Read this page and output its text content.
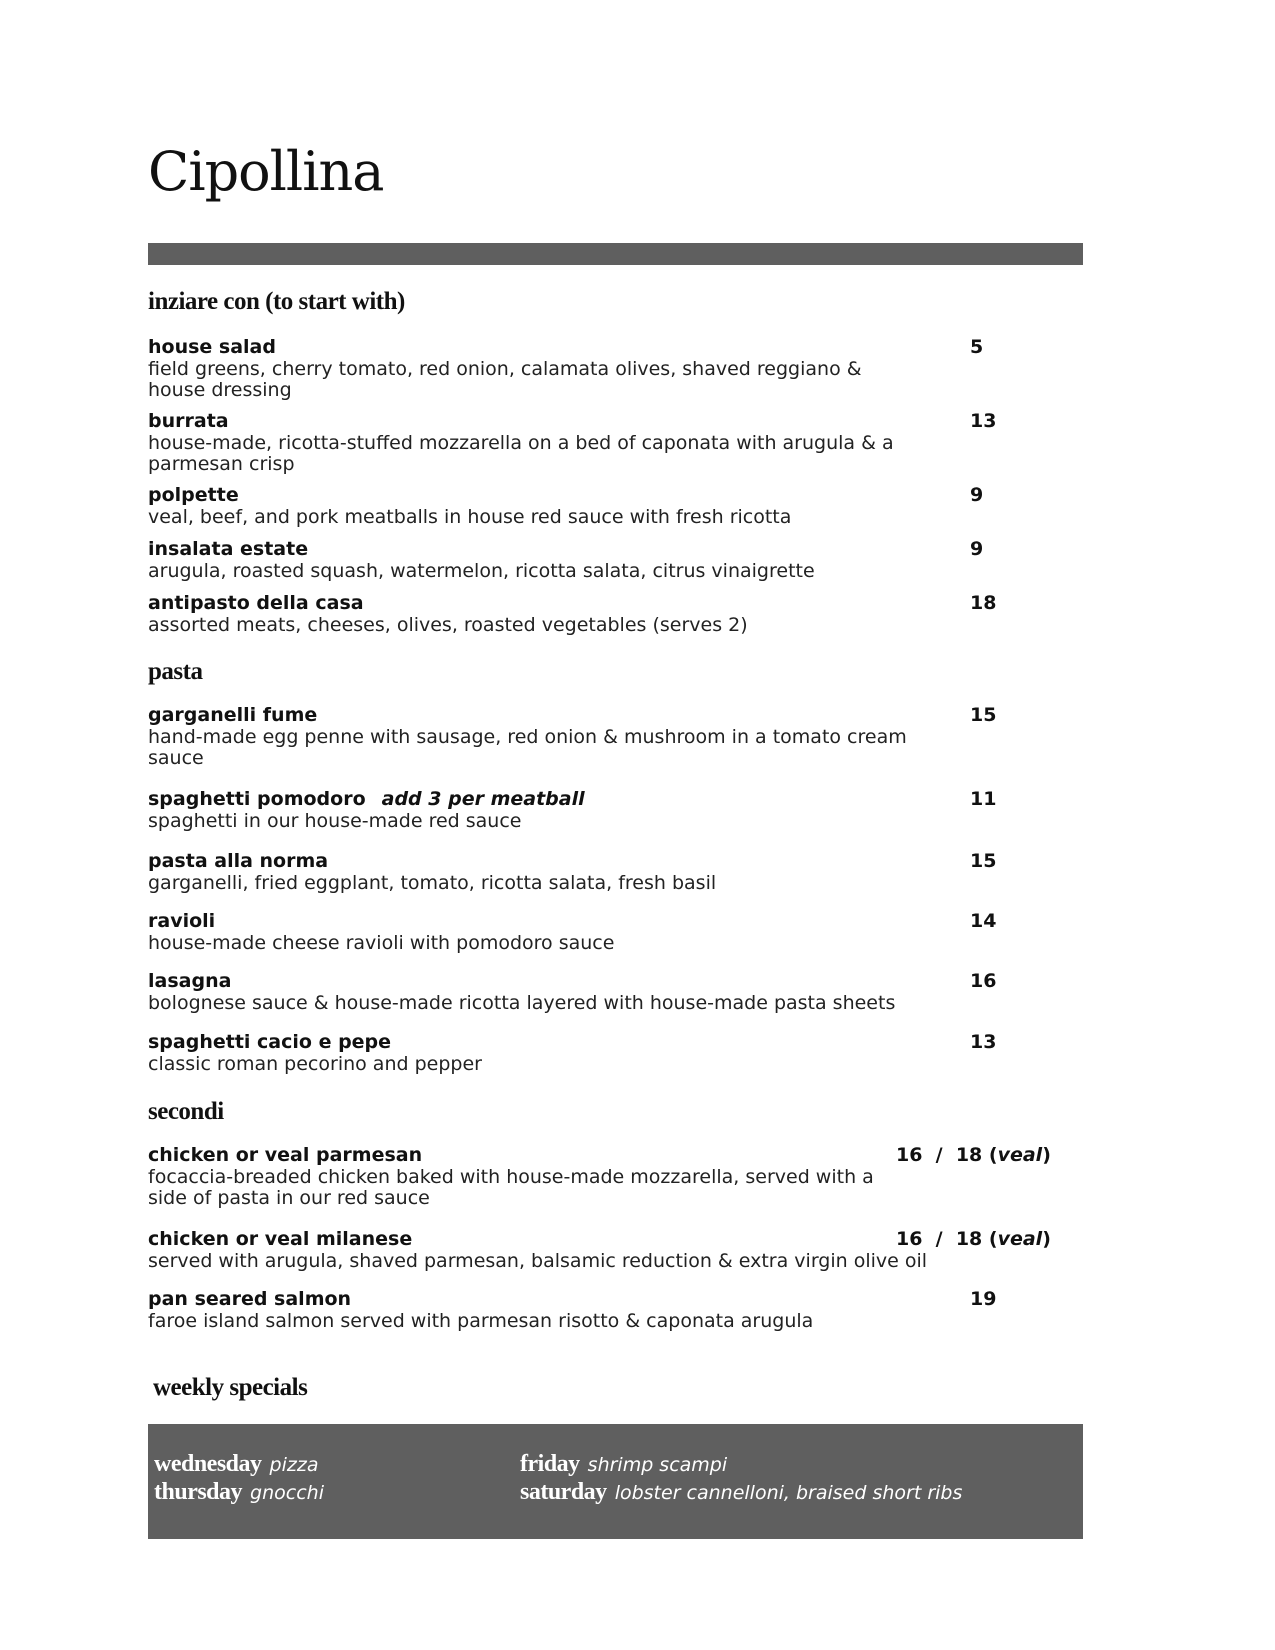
Cipollina
inziare con (to start with)
house salad
field greens, cherry tomato, red onion, calamata olives, shaved reggiano & house dressing
5
burrata
house-made, ricotta-stuffed mozzarella on a bed of caponata with arugula & a parmesan crisp
13
polpette
veal, beef, and pork meatballs in house red sauce with fresh ricotta
9
insalata estate
arugula, roasted squash, watermelon, ricotta salata, citrus vinaigrette
9
antipasto della casa
assorted meats, cheeses, olives, roasted vegetables (serves 2)
18
pasta
garganelli fume
hand-made egg penne with sausage, red onion & mushroom in a tomato cream sauce
15
spaghetti pomodoro add 3 per meatball
spaghetti in our house-made red sauce
11
pasta alla norma
garganelli, fried eggplant, tomato, ricotta salata, fresh basil
15
ravioli
house-made cheese ravioli with pomodoro sauce
14
lasagna
bolognese sauce & house-made ricotta layered with house-made pasta sheets
16
spaghetti cacio e pepe
classic roman pecorino and pepper
13
secondi
chicken or veal parmesan
focaccia-breaded chicken baked with house-made mozzarella, served with a side of pasta in our red sauce
16  /  18 (veal)
chicken or veal milanese
served with arugula, shaved parmesan, balsamic reduction & extra virgin olive oil
16  /  18 (veal)
pan seared salmon
faroe island salmon served with parmesan risotto & caponata arugula
19
weekly specials
wednesday pizza
thursday gnocchi
friday shrimp scampi
saturday lobster cannelloni, braised short ribs
